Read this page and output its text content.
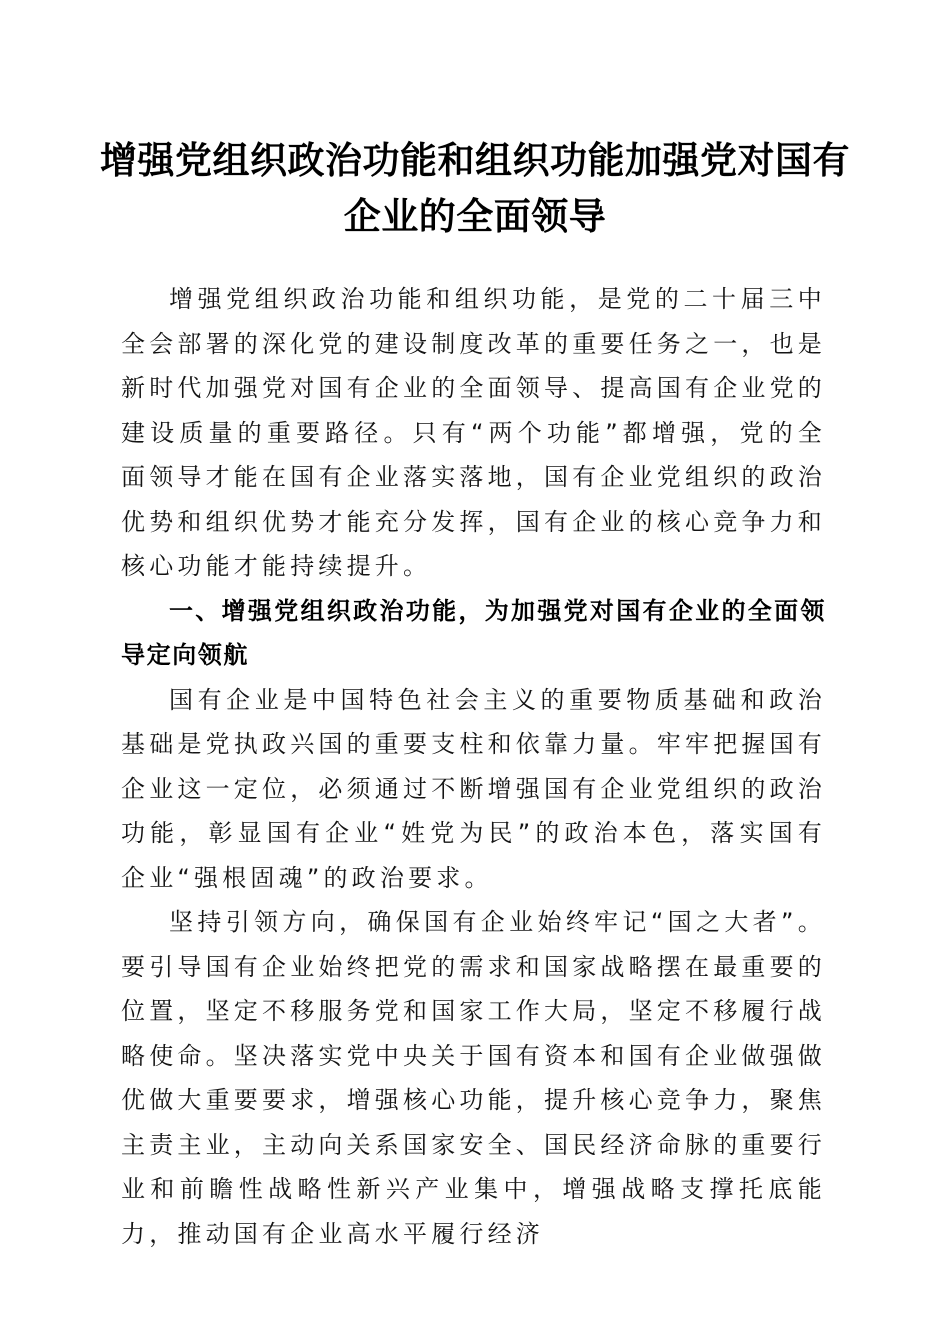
增强党组织政治功能和组织功能加强党对国有
企业的全面领导

增强党组织政治功能和组织功能，是党的二十届三中全会部署的深化党的建设制度改革的重要任务之一，也是新时代加强党对国有企业的全面领导、提高国有企业党的建设质量的重要路径。只有“两个功能”都增强，党的全面领导才能在国有企业落实落地，国有企业党组织的政治优势和组织优势才能充分发挥，国有企业的核心竞争力和核心功能才能持续提升。

一、增强党组织政治功能，为加强党对国有企业的全面领导定向领航

国有企业是中国特色社会主义的重要物质基础和政治基础是党执政兴国的重要支柱和依靠力量。牢牢把握国有企业这一定位，必须通过不断增强国有企业党组织的政治功能，彰显国有企业“姓党为民”的政治本色，落实国有企业“强根固魂”的政治要求。

坚持引领方向，确保国有企业始终牢记“国之大者”。要引导国有企业始终把党的需求和国家战略摆在最重要的位置，坚定不移服务党和国家工作大局，坚定不移履行战略使命。坚决落实党中央关于国有资本和国有企业做强做优做大重要要求，增强核心功能，提升核心竞争力，聚焦主责主业，主动向关系国家安全、国民经济命脉的重要行业和前瞻性战略性新兴产业集中，增强战略支撑托底能力，推动国有企业高水平履行经济
